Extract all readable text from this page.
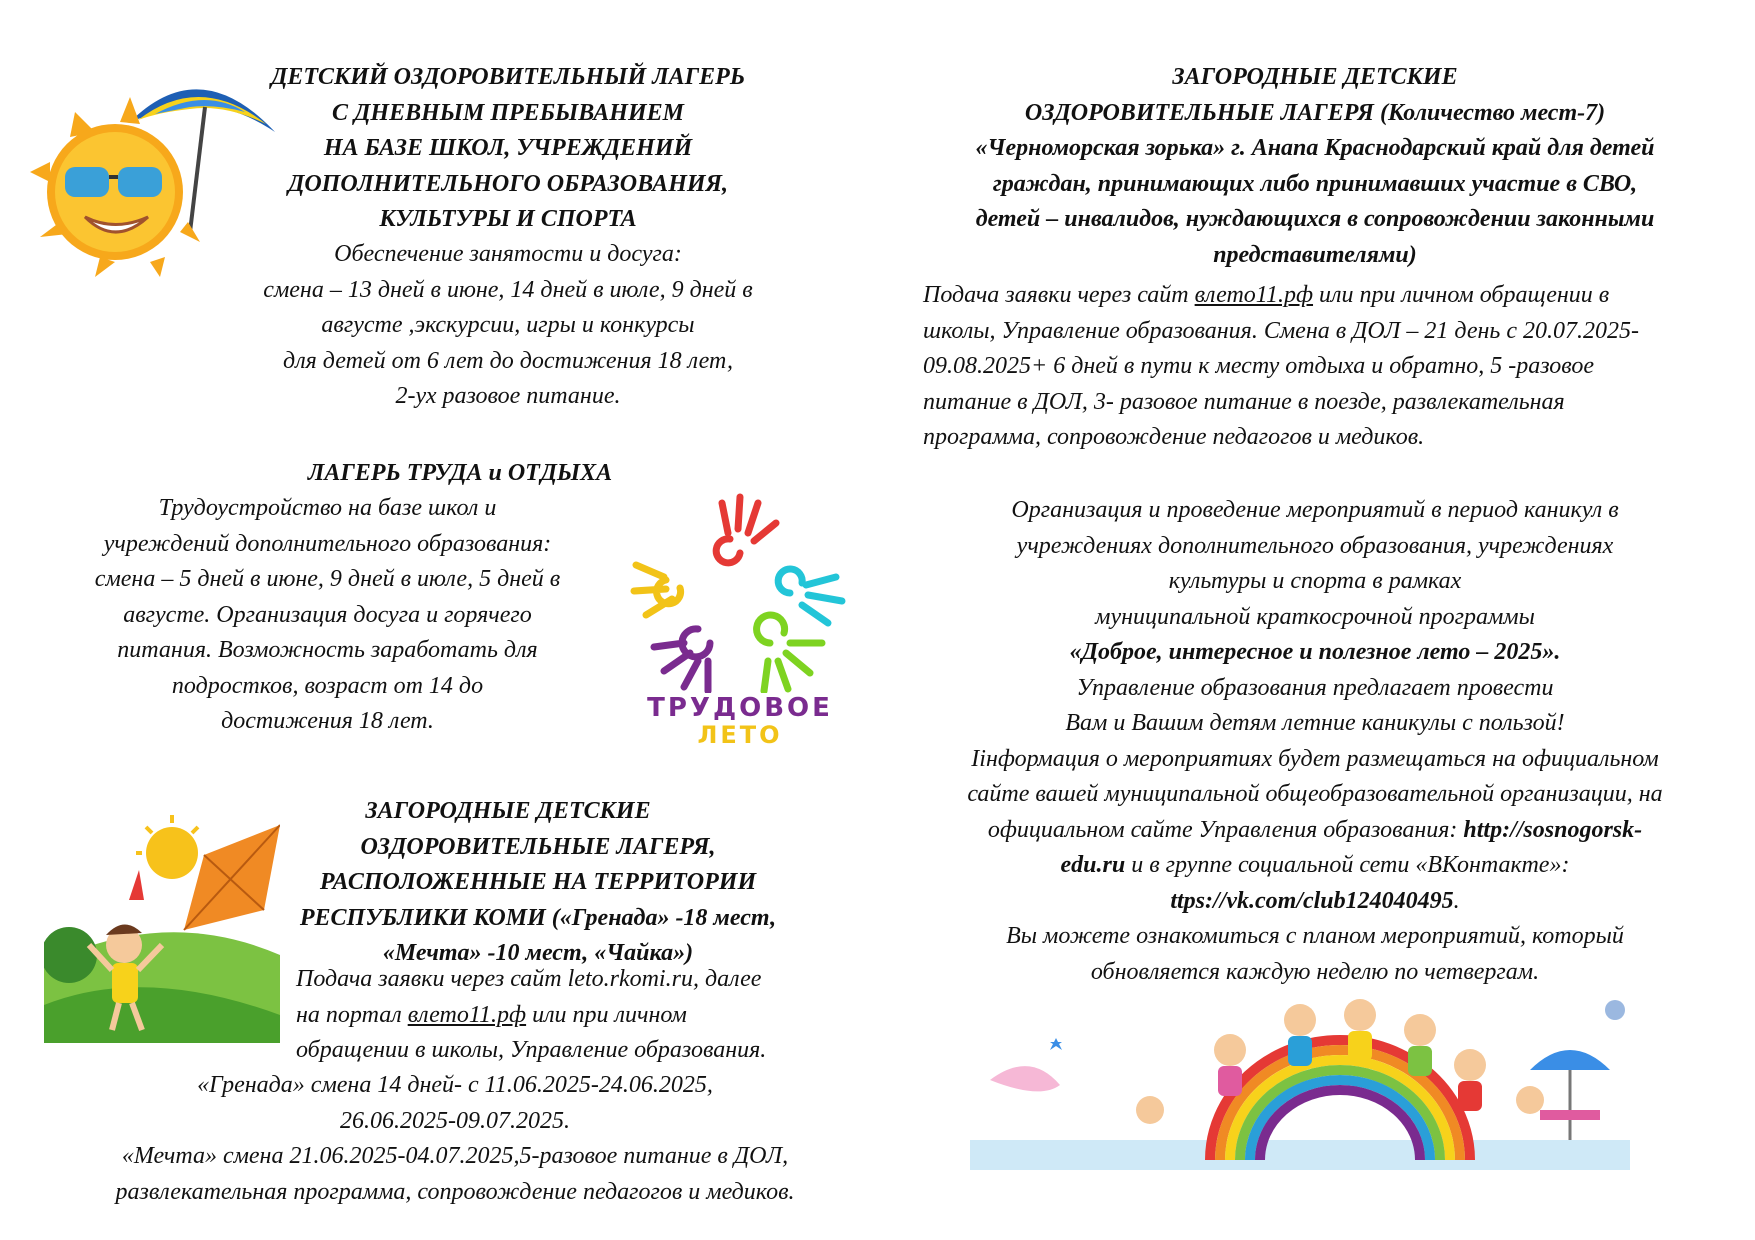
ДЕТСКИЙ ОЗДОРОВИТЕЛЬНЫЙ ЛАГЕРЬ

С ДНЕВНЫМ ПРЕБЫВАНИЕМ

НА БАЗЕ ШКОЛ, УЧРЕЖДЕНИЙ

ДОПОЛНИТЕЛЬНОГО ОБРАЗОВАНИЯ,

КУЛЬТУРЫ И СПОРТА

Обеспечение занятости и досуга:

смена – 13 дней в июне, 14 дней в июле, 9 дней в

августе ,экскурсии, игры и конкурсы

для детей от 6 лет до достижения 18 лет,

2-ух разовое питание.

ЛАГЕРЬ ТРУДА и ОТДЫХА

Трудоустройство на базе школ и

учреждений дополнительного образования:

смена – 5 дней в июне, 9 дней в июле, 5 дней в

августе. Организация досуга и горячего

питания. Возможность заработать для

подростков, возраст от 14 до

достижения 18 лет.	ТРУДОВОЕ
ЛЕТО

ЗАГОРОДНЫЕ ДЕТСКИЕ

ОЗДОРОВИТЕЛЬНЫЕ ЛАГЕРЯ,

РАСПОЛОЖЕННЫЕ НА ТЕРРИТОРИИ

РЕСПУБЛИКИ КОМИ («Гренада» -18 мест,

«Мечта» -10 мест, «Чайка»)

Подача заявки через сайт leto.rkomi.ru, далее

на портал влето11.рф или при личном

обращении в школы, Управление образования.

«Гренада» смена 14 дней- с 11.06.2025-24.06.2025,

26.06.2025-09.07.2025.

«Мечта» смена 21.06.2025-04.07.2025,5-разовое питание в ДОЛ,

развлекательная программа, сопровождение педагогов и медиков.

ЗАГОРОДНЫЕ ДЕТСКИЕ

ОЗДОРОВИТЕЛЬНЫЕ ЛАГЕРЯ (Количество мест-7)

«Черноморская зорька» г. Анапа Краснодарский край для детей

граждан, принимающих либо принимавших участие в СВО,

детей – инвалидов, нуждающихся в сопровождении законными

представителями)

Подача заявки через сайт влето11.рф или при личном обращении в

школы, Управление образования. Смена в ДОЛ – 21 день с 20.07.2025-

09.08.2025+ 6 дней в пути к месту отдыха и обратно, 5 -разовое

питание в ДОЛ, 3- разовое питание в поезде, развлекательная

программа, сопровождение педагогов и медиков.

Организация и проведение мероприятий в период каникул в

учреждениях дополнительного образования, учреждениях

культуры и спорта в рамках

муниципальной краткосрочной программы

«Доброе, интересное и полезное лето – 2025».

Управление образования предлагает провести

Вам и Вашим детям летние каникулы с пользой!

Іінформация о мероприятиях будет размещаться на официальном

сайте вашей муниципальной общеобразовательной организации, на

официальном сайте Управления образования: http://sosnogorsk-

edu.ru и в группе социальной сети «ВКонтакте»:

ttps://vk.com/club124040495.

Вы можете ознакомиться с планом мероприятий, который

обновляется каждую неделю по четвергам.
